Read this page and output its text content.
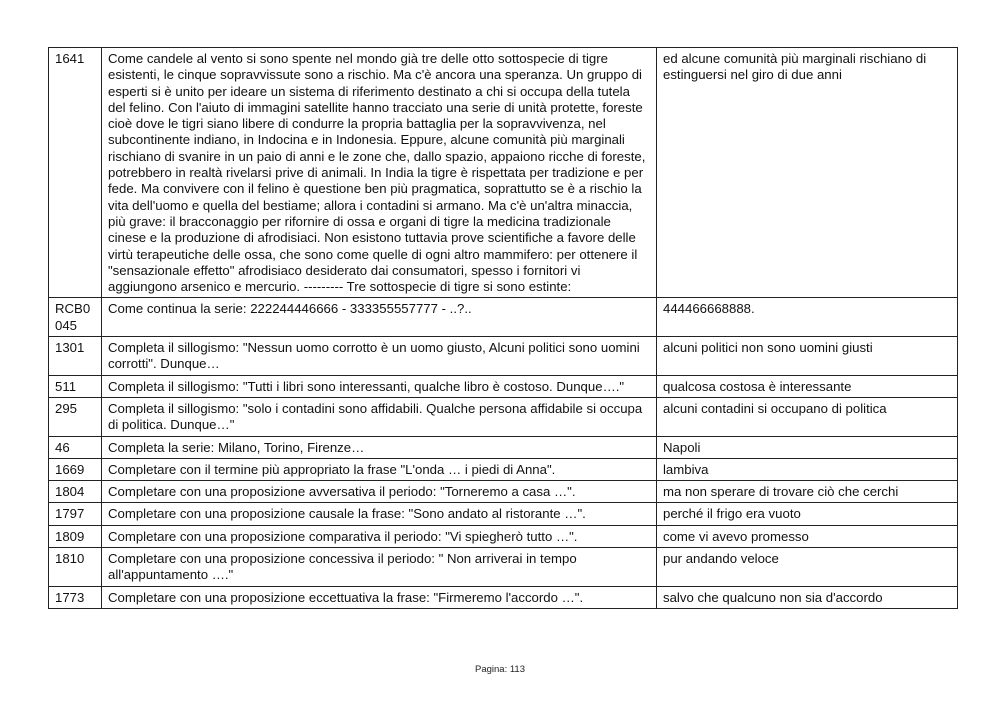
1641	Come candele al vento si sono spente nel mondo già tre delle otto sottospecie di tigre esistenti, le cinque sopravvissute sono a rischio. Ma c'è ancora una speranza. Un gruppo di esperti si è unito per ideare un sistema di riferimento destinato a chi si occupa della tutela del felino. Con l'aiuto di immagini satellite hanno tracciato una serie di unità protette, foreste cioè dove le tigri siano libere di condurre la propria battaglia per la sopravvivenza, nel subcontinente indiano, in Indocina e in Indonesia. Eppure, alcune comunità più marginali rischiano di svanire in un paio di anni e le zone che, dallo spazio, appaiono ricche di foreste, potrebbero in realtà rivelarsi prive di animali. In India la tigre è rispettata per tradizione e per fede. Ma convivere con il felino è questione ben più pragmatica, soprattutto se è a rischio la vita dell'uomo e quella del bestiame; allora i contadini si armano. Ma c'è un'altra minaccia, più grave: il bracconaggio per rifornire di ossa e organi di tigre la medicina tradizionale cinese e la produzione di afrodisiaci. Non esistono tuttavia prove scientifiche a favore delle virtù terapeutiche delle ossa, che sono come quelle di ogni altro mammifero: per ottenere il "sensazionale effetto" afrodisiaco desiderato dai consumatori, spesso i fornitori vi aggiungono arsenico e mercurio. --------- Tre sottospecie di tigre si sono estinte:	ed alcune comunità più marginali rischiano di estinguersi nel giro di due anni
RCB0045	Come continua la serie: 222244446666 - 333355557777 - ..?..	444466668888.
1301	Completa il sillogismo: "Nessun uomo corrotto è un uomo giusto, Alcuni politici sono uomini corrotti". Dunque…	alcuni politici non sono uomini giusti
511	Completa il sillogismo: "Tutti i libri sono interessanti, qualche libro è costoso. Dunque…."	qualcosa costosa è interessante
295	Completa il sillogismo: "solo i contadini sono affidabili. Qualche persona affidabile si occupa di politica. Dunque…"	alcuni contadini si occupano di politica
46	Completa la serie: Milano, Torino, Firenze…	Napoli
1669	Completare con il termine più appropriato la frase "L'onda … i piedi di Anna".	lambiva
1804	Completare con una proposizione avversativa il periodo: "Torneremo a casa …".	ma non sperare di trovare ciò che cerchi
1797	Completare con una proposizione causale la frase: "Sono andato al ristorante …".	perché il frigo era vuoto
1809	Completare con una proposizione comparativa il periodo: "Vi spiegherò tutto …".	come vi avevo promesso
1810	Completare con una proposizione concessiva il periodo: " Non arriverai in tempo all'appuntamento …."	pur andando veloce
1773	Completare con una proposizione eccettuativa la frase: "Firmeremo l'accordo …".	salvo che qualcuno non sia d'accordo
Pagina: 113
